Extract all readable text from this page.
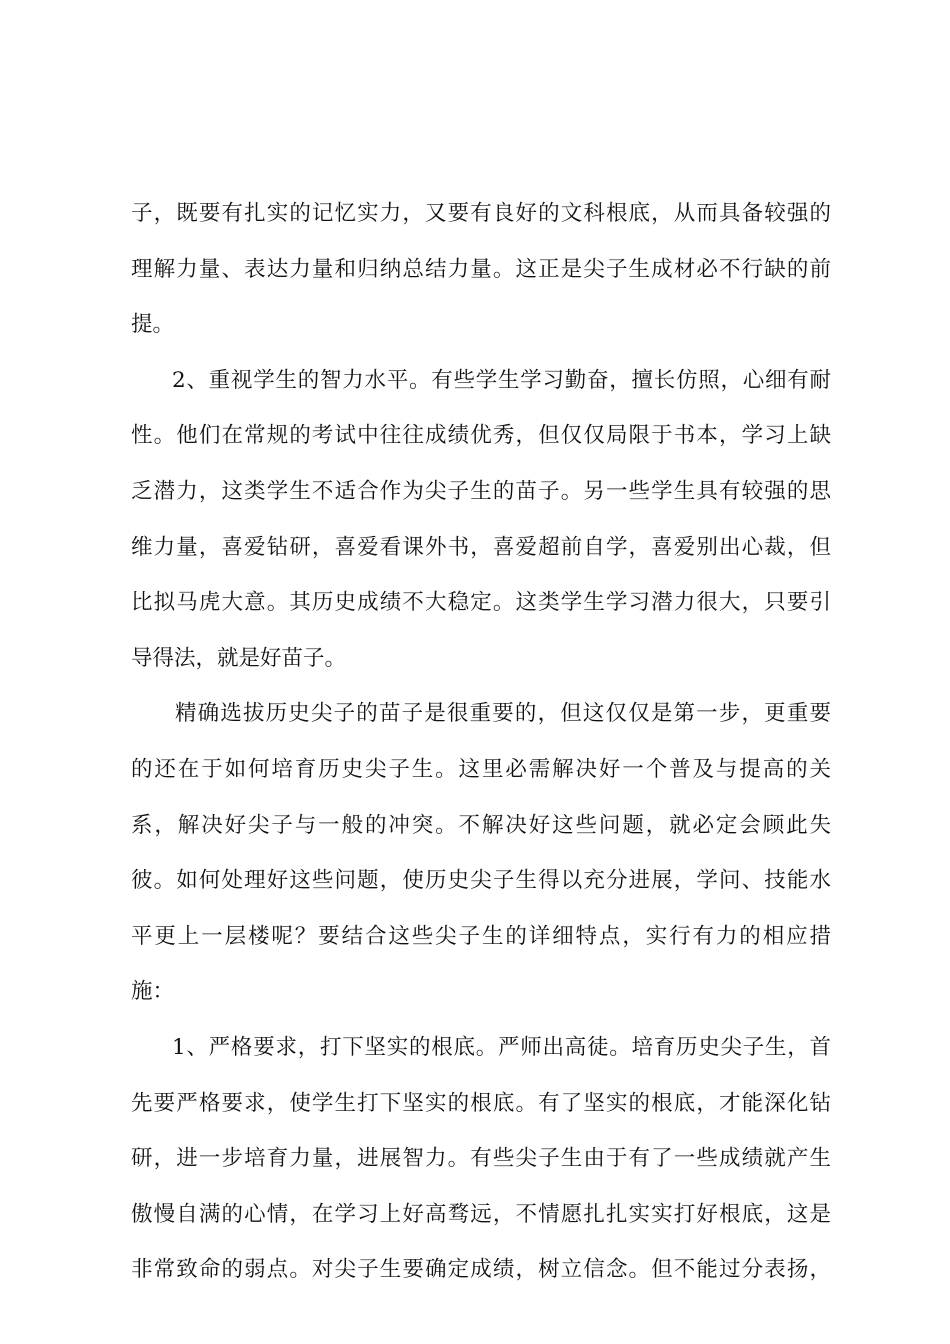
子，既要有扎实的记忆实力，又要有良好的文科根底，从而具备较强的
理解力量、表达力量和归纳总结力量。这正是尖子生成材必不行缺的前
提。
2、重视学生的智力水平。有些学生学习勤奋，擅长仿照，心细有耐
性。他们在常规的考试中往往成绩优秀，但仅仅局限于书本，学习上缺
乏潜力，这类学生不适合作为尖子生的苗子。另一些学生具有较强的思
维力量，喜爱钻研，喜爱看课外书，喜爱超前自学，喜爱别出心裁，但
比拟马虎大意。其历史成绩不大稳定。这类学生学习潜力很大，只要引
导得法，就是好苗子。
精确选拔历史尖子的苗子是很重要的，但这仅仅是第一步，更重要
的还在于如何培育历史尖子生。这里必需解决好一个普及与提高的关
系，解决好尖子与一般的冲突。不解决好这些问题，就必定会顾此失
彼。如何处理好这些问题，使历史尖子生得以充分进展，学问、技能水
平更上一层楼呢？要结合这些尖子生的详细特点，实行有力的相应措
施：
1、严格要求，打下坚实的根底。严师出高徒。培育历史尖子生，首
先要严格要求，使学生打下坚实的根底。有了坚实的根底，才能深化钻
研，进一步培育力量，进展智力。有些尖子生由于有了一些成绩就产生
傲慢自满的心情，在学习上好高骛远，不情愿扎扎实实打好根底，这是
非常致命的弱点。对尖子生要确定成绩，树立信念。但不能过分表扬，
